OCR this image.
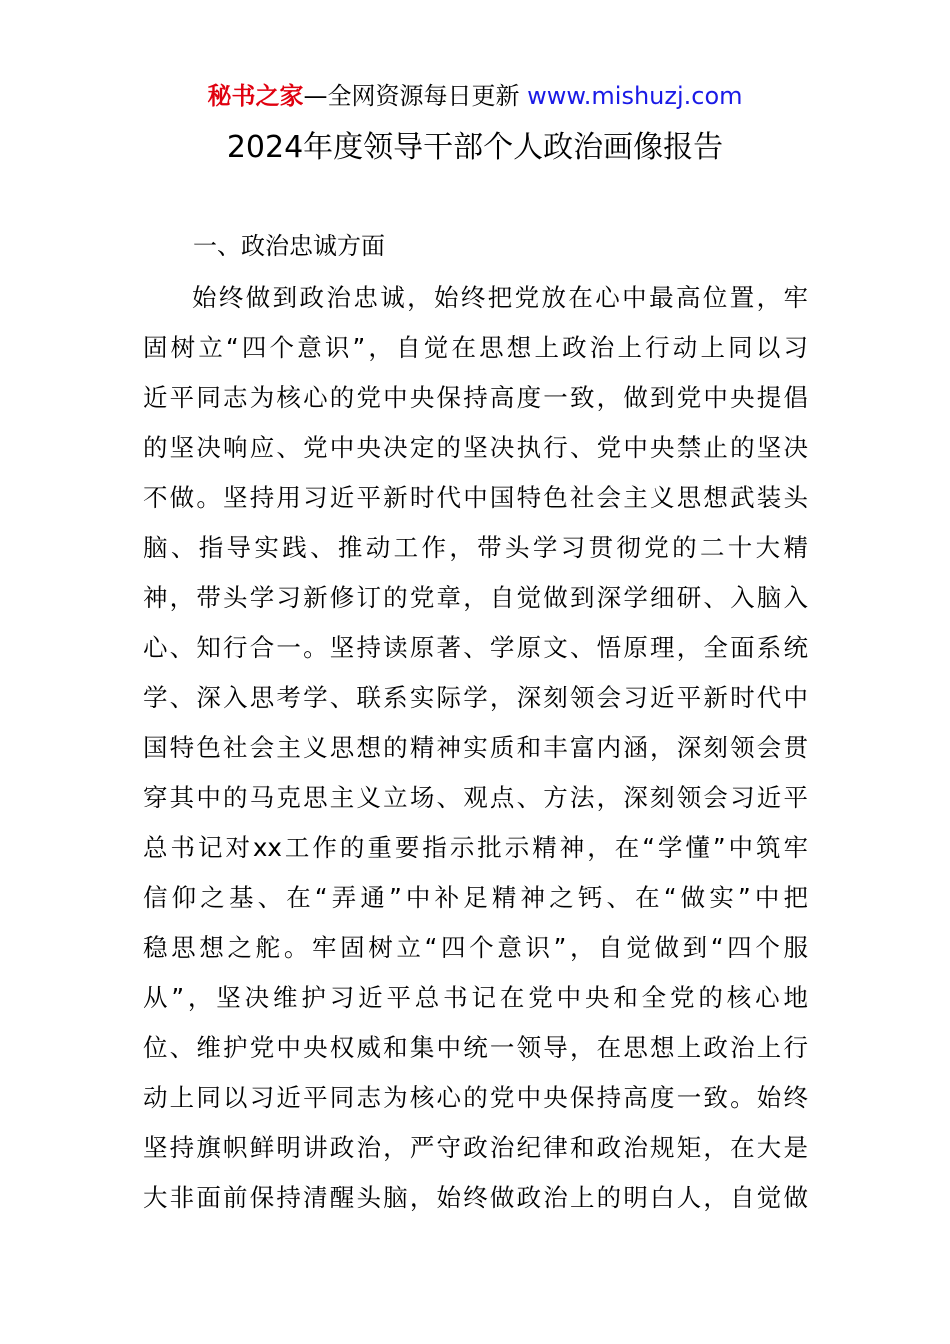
秘书之家—全网资源每日更新 www.mishuzj.com
2024年度领导干部个人政治画像报告
一、政治忠诚方面
始终做到政治忠诚，始终把党放在心中最高位置，牢
固树立“四个意识”，自觉在思想上政治上行动上同以习
近平同志为核心的党中央保持高度一致，做到党中央提倡
的坚决响应、党中央决定的坚决执行、党中央禁止的坚决
不做。坚持用习近平新时代中国特色社会主义思想武装头
脑、指导实践、推动工作，带头学习贯彻党的二十大精
神，带头学习新修订的党章，自觉做到深学细研、入脑入
心、知行合一。坚持读原著、学原文、悟原理，全面系统
学、深入思考学、联系实际学，深刻领会习近平新时代中
国特色社会主义思想的精神实质和丰富内涵，深刻领会贯
穿其中的马克思主义立场、观点、方法，深刻领会习近平
总书记对xx工作的重要指示批示精神，在“学懂”中筑牢
信仰之基、在“弄通”中补足精神之钙、在“做实”中把
稳思想之舵。牢固树立“四个意识”，自觉做到“四个服
从”，坚决维护习近平总书记在党中央和全党的核心地
位、维护党中央权威和集中统一领导，在思想上政治上行
动上同以习近平同志为核心的党中央保持高度一致。始终
坚持旗帜鲜明讲政治，严守政治纪律和政治规矩，在大是
大非面前保持清醒头脑，始终做政治上的明白人，自觉做
